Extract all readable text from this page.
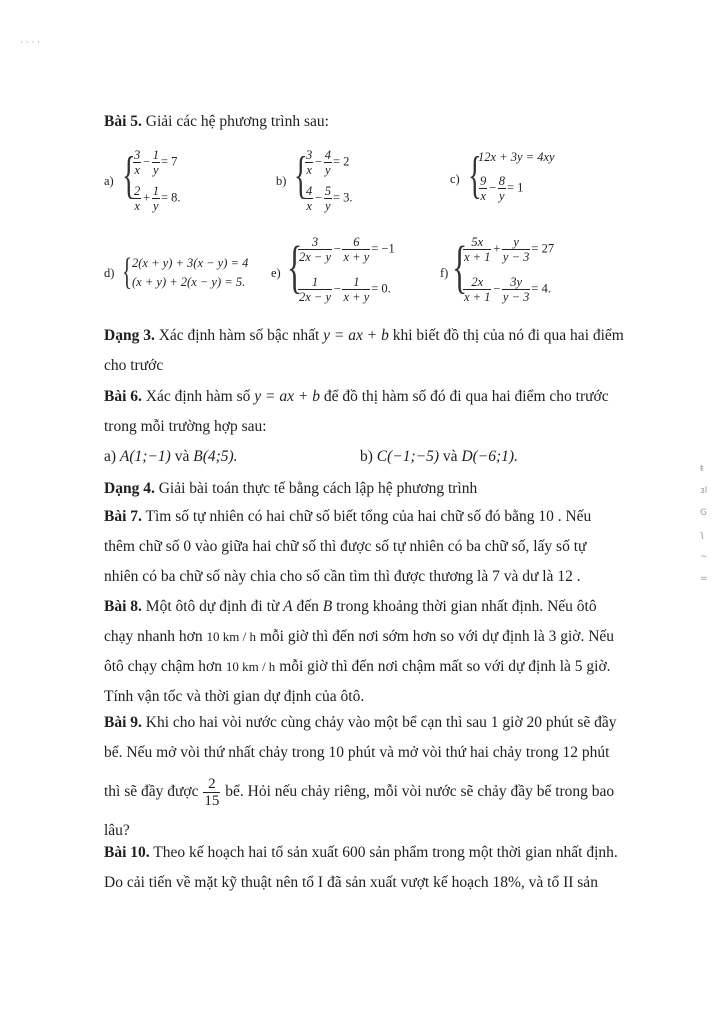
· · · ·
ŧ
ɜl
G
ʅ
~
=
Bài 5. Giải các hệ phương trình sau:
a) {
$\frac{3}{x} - \frac{1}{y} = 7$
$\frac{2}{x} + \frac{1}{y} = 8$.
b) {
$\frac{3}{x} - \frac{4}{y} = 2$
$\frac{4}{x} - \frac{5}{y} = 3$.
c) {
12x + 3y = 4xy
$\frac{9}{x} - \frac{8}{y} = 1$
d) { 2(x + y) + 3(x − y) = 4
(x + y) + 2(x − y) = 5.
e) {
$\frac{3}{2x - y} - \frac{6}{x + y} = -1$
$\frac{1}{2x - y} - \frac{1}{x + y} = 0$.
f) {
$\frac{5x}{x + 1} + \frac{y}{y - 3} = 27$
$\frac{2x}{x + 1} - \frac{3y}{y - 3} = 4$.
Dạng 3. Xác định hàm số bậc nhất y = ax + b khi biết đồ thị của nó đi qua hai điểm
cho trước
Bài 6. Xác định hàm số y = ax + b để đồ thị hàm số đó đi qua hai điểm cho trước
trong mỗi trường hợp sau:
a) A(1;−1) và B(4;5).	b) C(−1;−5) và D(−6;1).
Dạng 4. Giải bài toán thực tế bằng cách lập hệ phương trình
Bài 7. Tìm số tự nhiên có hai chữ số biết tổng của hai chữ số đó bằng 10 . Nếu
thêm chữ số 0 vào giữa hai chữ số thì được số tự nhiên có ba chữ số, lấy số tự
nhiên có ba chữ số này chia cho số cần tìm thì được thương là 7 và dư là 12 .
Bài 8. Một ôtô dự định đi từ A đến B trong khoảng thời gian nhất định. Nếu ôtô
chạy nhanh hơn 10 km / h mỗi giờ thì đến nơi sớm hơn so với dự định là 3 giờ. Nếu
ôtô chạy chậm hơn 10 km / h mỗi giờ thì đến nơi chậm mất so với dự định là 5 giờ.
Tính vận tốc và thời gian dự định của ôtô.
Bài 9. Khi cho hai vòi nước cùng chảy vào một bể cạn thì sau 1 giờ 20 phút sẽ đầy
bể. Nếu mở vòi thứ nhất chảy trong 10 phút và mở vòi thứ hai chảy trong 12 phút
thì sẽ đầy được $\frac{2}{15}$ bể. Hỏi nếu chảy riêng, mỗi vòi nước sẽ chảy đầy bể trong bao
lâu?
Bài 10. Theo kế hoạch hai tổ sản xuất 600 sản phẩm trong một thời gian nhất định.
Do cải tiến về mặt kỹ thuật nên tổ I đã sản xuất vượt kế hoạch 18%, và tổ II sản
